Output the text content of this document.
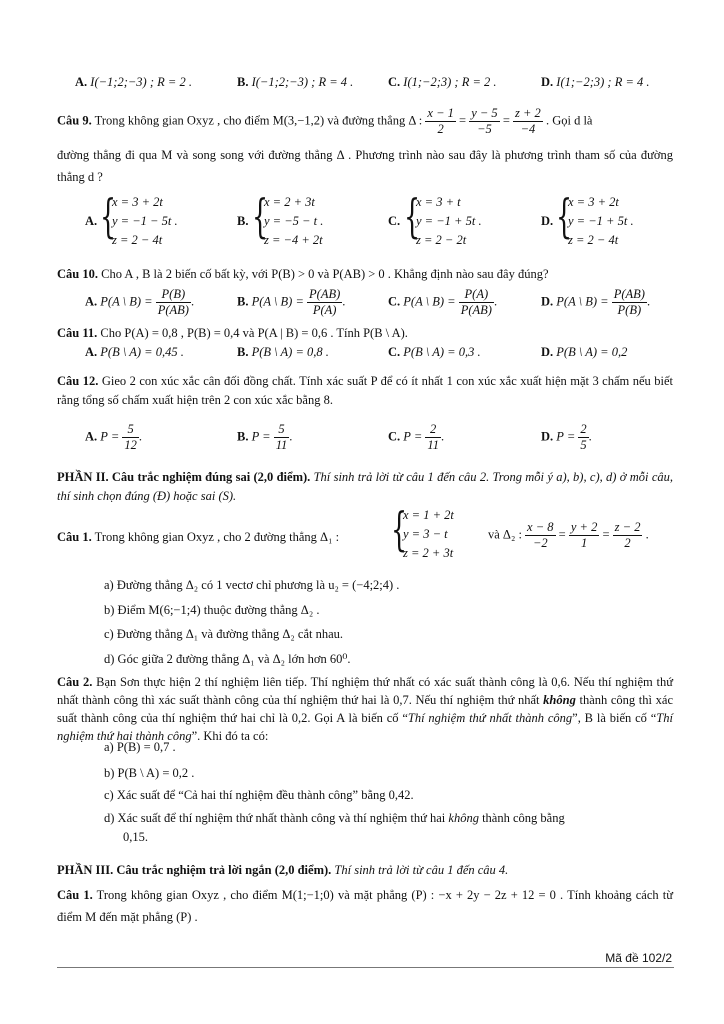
A. I(−1;2;−3) ; R = 2 .	B. I(−1;2;−3) ; R = 4 .	C. I(1;−2;3) ; R = 2 .	D. I(1;−2;3) ; R = 4 .
Câu 9. Trong không gian Oxyz , cho điểm M(3,−1,2) và đường thẳng Δ : $\frac{x - 1}{2} = \frac{y - 5}{-5} = \frac{z + 2}{-4}$ . Gọi d là
đường thẳng đi qua M và song song với đường thẳng Δ . Phương trình nào sau đây là phương trình tham số của đường thẳng d ?
A. {
x = 3 + 2t
y = −1 − 5t .
z = 2 − 4t
B. {
x = 2 + 3t
y = −5 − t .
z = −4 + 2t
C. {
x = 3 + t
y = −1 + 5t .
z = 2 − 2t
D. {
x = 3 + 2t
y = −1 + 5t .
z = 2 − 4t
Câu 10. Cho A , B là 2 biến cố bất kỳ, với P(B) > 0 và P(AB) > 0 . Khẳng định nào sau đây đúng?
A. P(A \ $B) = \frac{P(B)}{P(AB)}$ .	B. P(A \ $B) = \frac{P(AB)}{P(A)}$ .	C. P(A \ $B) = \frac{P(A)}{P(AB)}$ .	D. P(A \ $B) = \frac{P(AB)}{P(B)}$ .
Câu 11. Cho P(A) = 0,8 , P(B) = 0,4 và P(A | B) = 0,6 . Tính P(B \ A).
A. P(B \ A) = 0,45 .	B. P(B \ A) = 0,8 .	C. P(B \ A) = 0,3 .	D. P(B \ A) = 0,2
Câu 12. Gieo 2 con xúc xắc cân đối đồng chất. Tính xác suất P để có ít nhất 1 con xúc xắc xuất hiện mặt 3 chấm nếu biết rằng tổng số chấm xuất hiện trên 2 con xúc xắc bằng 8.
A. $P = \frac{5}{12}$ .	B. $P = \frac{5}{11}$ .	C. $P = \frac{2}{11}$ .	D. $P = \frac{2}{5}$ .
PHẦN II. Câu trắc nghiệm đúng sai (2,0 điểm). Thí sinh trả lời từ câu 1 đến câu 2. Trong mỗi ý a), b), c), d) ở mỗi câu, thí sinh chọn đúng (Đ) hoặc sai (S).
Câu 1. Trong không gian Oxyz , cho 2 đường thẳng Δ₁ : {
x = 1 + 2t
y = 3 − t
z = 2 + 3t
và Δ₂ : $\frac{x - 8}{-2} = \frac{y + 2}{1} = \frac{z - 2}{2}$ .
a) Đường thẳng Δ₂ có 1 vectơ chỉ phương là u₂ = (−4;2;4) .
b) Điểm M(6;−1;4) thuộc đường thẳng Δ₂ .
c) Đường thẳng Δ₁ và đường thẳng Δ₂ cắt nhau.
d) Góc giữa 2 đường thẳng Δ₁ và Δ₂ lớn hơn 60⁰.
Câu 2. Bạn Sơn thực hiện 2 thí nghiệm liên tiếp. Thí nghiệm thứ nhất có xác suất thành công là 0,6. Nếu thí nghiệm thứ nhất thành công thì xác suất thành công của thí nghiệm thứ hai là 0,7. Nếu thí nghiệm thứ nhất không thành công thì xác suất thành công của thí nghiệm thứ hai chỉ là 0,2. Gọi A là biến cố “Thí nghiệm thứ nhất thành công”, B là biến cố “Thí nghiệm thứ hai thành công”. Khi đó ta có:
a) P(B) = 0,7 .
b) P(B \ A) = 0,2 .
c) Xác suất để “Cả hai thí nghiệm đều thành công” bằng 0,42.
d) Xác suất để thí nghiệm thứ nhất thành công và thí nghiệm thứ hai không thành công bằng
0,15.
PHẦN III. Câu trắc nghiệm trả lời ngắn (2,0 điểm). Thí sinh trả lời từ câu 1 đến câu 4.
Câu 1. Trong không gian Oxyz , cho điểm M(1;−1;0) và mặt phẳng (P) : −x + 2y − 2z + 12 = 0 . Tính khoảng cách từ điểm M đến mặt phẳng (P) .
Mã đề 102/2
